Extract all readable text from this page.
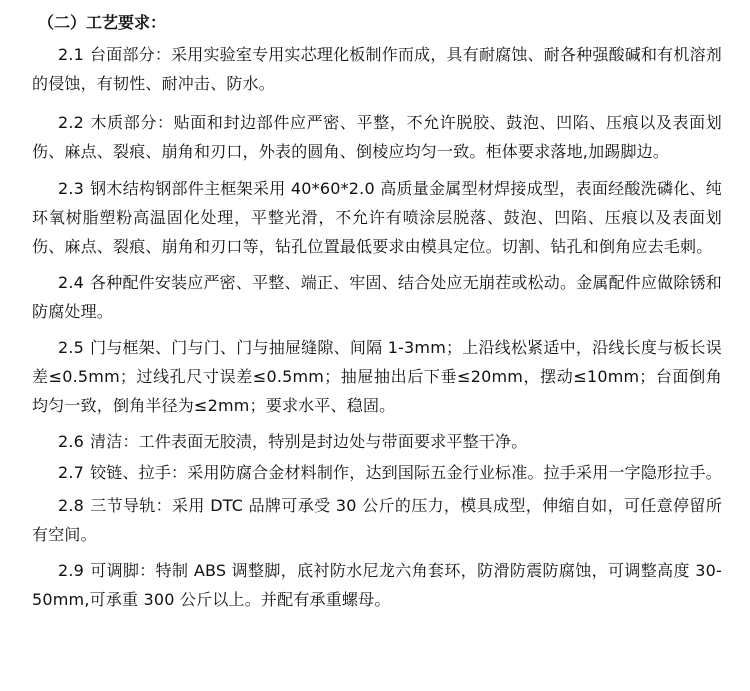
（二）工艺要求：
2.1 台面部分：采用实验室专用实芯理化板制作而成，具有耐腐蚀、耐各种强酸碱和有机溶剂的侵蚀，有韧性、耐冲击、防水。
2.2 木质部分：贴面和封边部件应严密、平整，不允许脱胶、鼓泡、凹陷、压痕以及表面划伤、麻点、裂痕、崩角和刃口，外表的圆角、倒棱应均匀一致。柜体要求落地,加踢脚边。
2.3 钢木结构钢部件主框架采用 40*60*2.0 高质量金属型材焊接成型，表面经酸洗磷化、纯环氧树脂塑粉高温固化处理，平整光滑，不允许有喷涂层脱落、鼓泡、凹陷、压痕以及表面划伤、麻点、裂痕、崩角和刃口等，钻孔位置最低要求由模具定位。切割、钻孔和倒角应去毛刺。
2.4 各种配件安装应严密、平整、端正、牢固、结合处应无崩茬或松动。金属配件应做除锈和防腐处理。
2.5 门与框架、门与门、门与抽屉缝隙、间隔 1-3mm；上沿线松紧适中，沿线长度与板长误差≤0.5mm；过线孔尺寸误差≤0.5mm；抽屉抽出后下垂≤20mm，摆动≤10mm；台面倒角均匀一致，倒角半径为≤2mm；要求水平、稳固。
2.6 清洁：工件表面无胶渍，特别是封边处与带面要求平整干净。
2.7 铰链、拉手：采用防腐合金材料制作，达到国际五金行业标准。拉手采用一字隐形拉手。
2.8 三节导轨：采用 DTC 品牌可承受 30 公斤的压力，模具成型，伸缩自如，可任意停留所有空间。
2.9 可调脚：特制 ABS 调整脚，底衬防水尼龙六角套环，防滑防震防腐蚀，可调整高度 30-50mm,可承重 300 公斤以上。并配有承重螺母。
